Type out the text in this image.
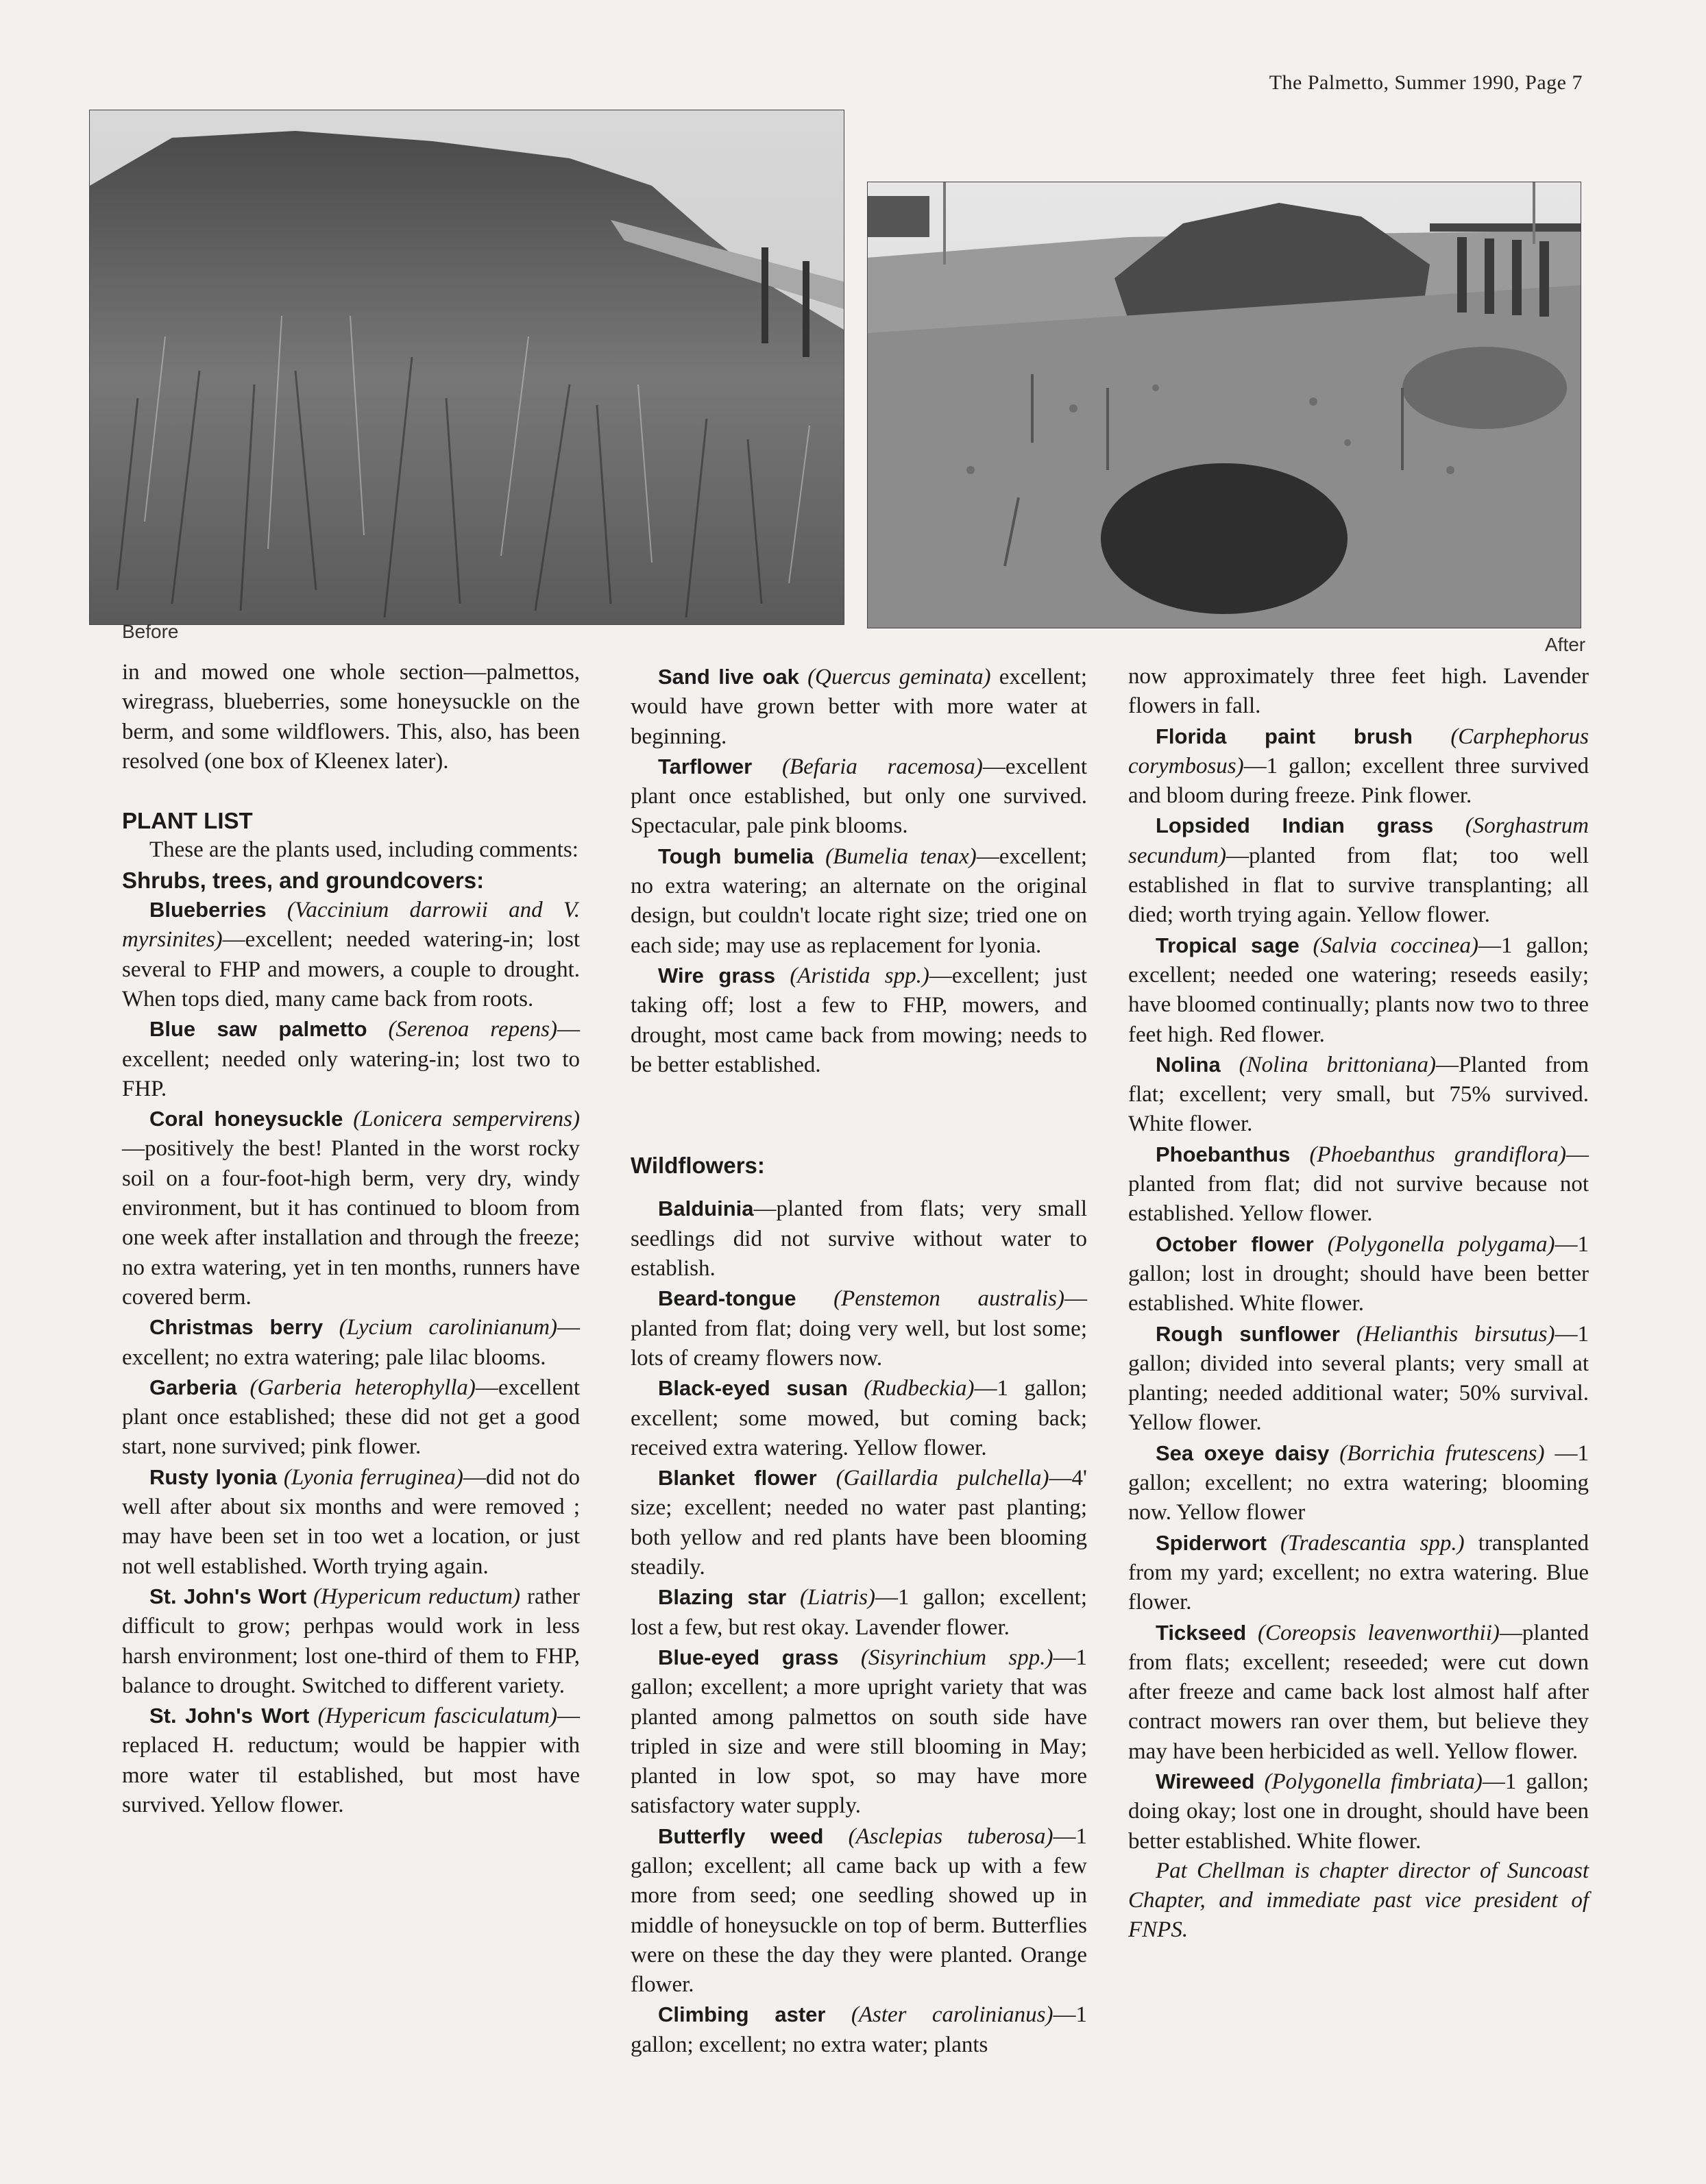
The Palmetto, Summer 1990, Page 7
Before
After

in and mowed one whole section—palmettos, wiregrass, blueberries, some honeysuckle on the berm, and some wildflowers. This, also, has been resolved (one box of Kleenex later).

PLANT LIST

These are the plants used, including comments:

Shrubs, trees, and groundcovers:

Blueberries (Vaccinium darrowii and V. myrsinites)—excellent; needed watering-in; lost several to FHP and mowers, a couple to drought. When tops died, many came back from roots.

Blue saw palmetto (Serenoa repens)—excellent; needed only watering-in; lost two to FHP.

Coral honeysuckle (Lonicera sempervirens)—positively the best! Planted in the worst rocky soil on a four-foot-high berm, very dry, windy environment, but it has continued to bloom from one week after installation and through the freeze; no extra watering, yet in ten months, runners have covered berm.

Christmas berry (Lycium carolinianum)—excellent; no extra watering; pale lilac blooms.

Garberia (Garberia heterophylla)—excellent plant once established; these did not get a good start, none survived; pink flower.

Rusty lyonia (Lyonia ferruginea)—did not do well after about six months and were removed ; may have been set in too wet a location, or just not well established. Worth trying again.

St. John's Wort (Hypericum reductum) rather difficult to grow; perhpas would work in less harsh environment; lost one-third of them to FHP, balance to drought. Switched to different variety.

St. John's Wort (Hypericum fasciculatum)—replaced H. reductum; would be happier with more water til established, but most have survived. Yellow flower.

Sand live oak (Quercus geminata) excellent; would have grown better with more water at beginning.

Tarflower (Befaria racemosa)—excellent plant once established, but only one survived. Spectacular, pale pink blooms.

Tough bumelia (Bumelia tenax)—excellent; no extra watering; an alternate on the original design, but couldn't locate right size; tried one on each side; may use as replacement for lyonia.

Wire grass (Aristida spp.)—excellent; just taking off; lost a few to FHP, mowers, and drought, most came back from mowing; needs to be better established.

Wildflowers:

Balduinia—planted from flats; very small seedlings did not survive without water to establish.

Beard-tongue (Penstemon australis)—planted from flat; doing very well, but lost some; lots of creamy flowers now.

Black-eyed susan (Rudbeckia)—1 gallon; excellent; some mowed, but coming back; received extra watering. Yellow flower.

Blanket flower (Gaillardia pulchella)—4' size; excellent; needed no water past planting; both yellow and red plants have been blooming steadily.

Blazing star (Liatris)—1 gallon; excellent; lost a few, but rest okay. Lavender flower.

Blue-eyed grass (Sisyrinchium spp.)—1 gallon; excellent; a more upright variety that was planted among palmettos on south side have tripled in size and were still blooming in May; planted in low spot, so may have more satisfactory water supply.

Butterfly weed (Asclepias tuberosa)—1 gallon; excellent; all came back up with a few more from seed; one seedling showed up in middle of honeysuckle on top of berm. Butterflies were on these the day they were planted. Orange flower.

Climbing aster (Aster carolinianus)—1 gallon; excellent; no extra water; plants

now approximately three feet high. Lavender flowers in fall.

Florida paint brush (Carphephorus corymbosus)—1 gallon; excellent three survived and bloom during freeze. Pink flower.

Lopsided Indian grass (Sorghastrum secundum)—planted from flat; too well established in flat to survive transplanting; all died; worth trying again. Yellow flower.

Tropical sage (Salvia coccinea)—1 gallon; excellent; needed one watering; reseeds easily; have bloomed continually; plants now two to three feet high. Red flower.

Nolina (Nolina brittoniana)—Planted from flat; excellent; very small, but 75% survived. White flower.

Phoebanthus (Phoebanthus grandiflora)—planted from flat; did not survive because not established. Yellow flower.

October flower (Polygonella polygama)—1 gallon; lost in drought; should have been better established. White flower.

Rough sunflower (Helianthis birsutus)—1 gallon; divided into several plants; very small at planting; needed additional water; 50% survival. Yellow flower.

Sea oxeye daisy (Borrichia frutescens) —1 gallon; excellent; no extra watering; blooming now. Yellow flower

Spiderwort (Tradescantia spp.) transplanted from my yard; excellent; no extra watering. Blue flower.

Tickseed (Coreopsis leavenworthii)—planted from flats; excellent; reseeded; were cut down after freeze and came back lost almost half after contract mowers ran over them, but believe they may have been herbicided as well. Yellow flower.

Wireweed (Polygonella fimbriata)—1 gallon; doing okay; lost one in drought, should have been better established. White flower.

Pat Chellman is chapter director of Suncoast Chapter, and immediate past vice president of FNPS.
